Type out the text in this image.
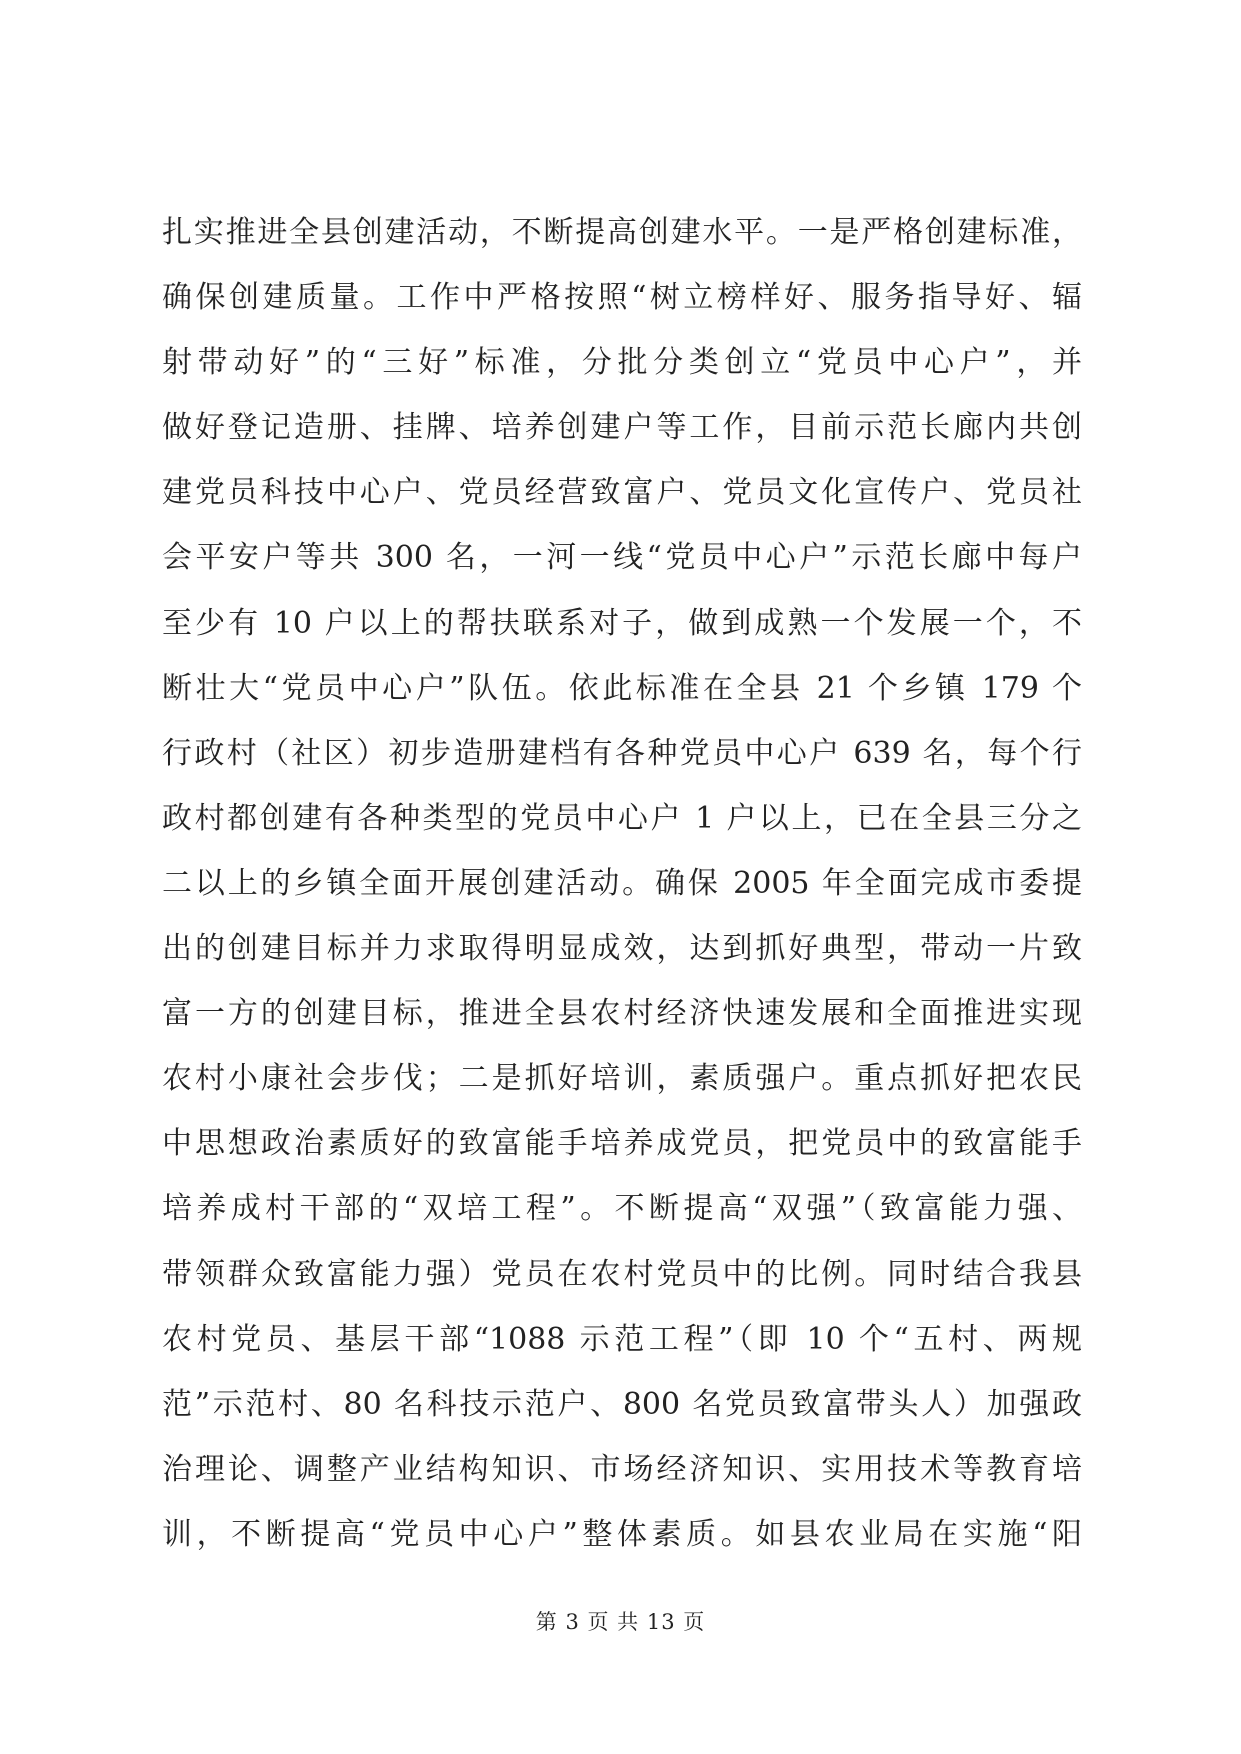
扎实推进全县创建活动，不断提高创建水平。一是严格创建标准，
确保创建质量。工作中严格按照“树立榜样好、服务指导好、辐
射带动好”的“三好”标准，分批分类创立“党员中心户”，并
做好登记造册、挂牌、培养创建户等工作，目前示范长廊内共创
建党员科技中心户、党员经营致富户、党员文化宣传户、党员社
会平安户等共 300 名，一河一线“党员中心户”示范长廊中每户
至少有 10 户以上的帮扶联系对子，做到成熟一个发展一个，不
断壮大“党员中心户”队伍。依此标准在全县 21 个乡镇 179 个
行政村（社区）初步造册建档有各种党员中心户 639 名，每个行
政村都创建有各种类型的党员中心户 1 户以上，已在全县三分之
二以上的乡镇全面开展创建活动。确保 2005 年全面完成市委提
出的创建目标并力求取得明显成效，达到抓好典型，带动一片致
富一方的创建目标，推进全县农村经济快速发展和全面推进实现
农村小康社会步伐；二是抓好培训，素质强户。重点抓好把农民
中思想政治素质好的致富能手培养成党员，把党员中的致富能手
培养成村干部的“双培工程”。不断提高“双强”（致富能力强、
带领群众致富能力强）党员在农村党员中的比例。同时结合我县
农村党员、基层干部“1088 示范工程”（即 10 个“五村、两规
范”示范村、80 名科技示范户、800 名党员致富带头人）加强政
治理论、调整产业结构知识、市场经济知识、实用技术等教育培
训，不断提高“党员中心户”整体素质。如县农业局在实施“阳
第 3 页 共 13 页
